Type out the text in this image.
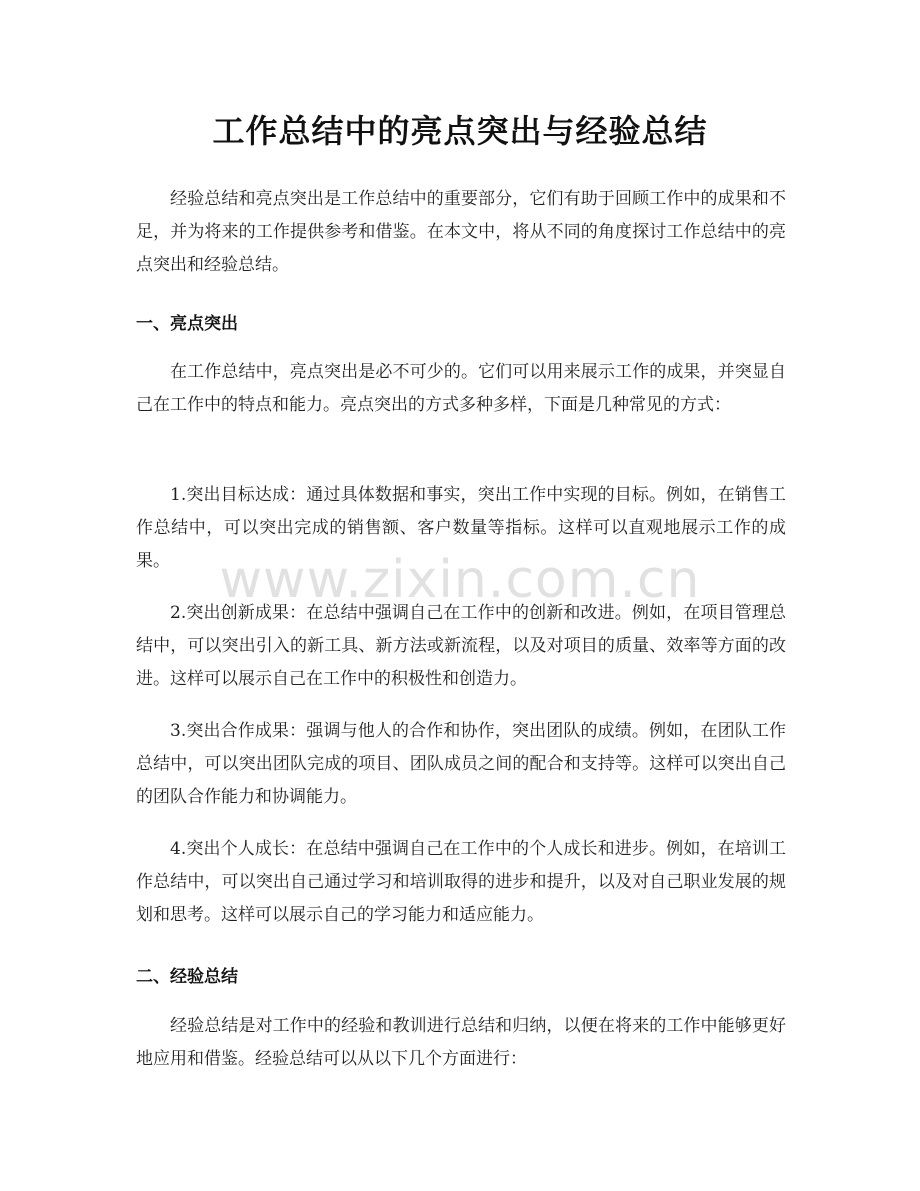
工作总结中的亮点突出与经验总结
经验总结和亮点突出是工作总结中的重要部分，它们有助于回顾工作中的成果和不足，并为将来的工作提供参考和借鉴。在本文中，将从不同的角度探讨工作总结中的亮点突出和经验总结。
一、亮点突出
在工作总结中，亮点突出是必不可少的。它们可以用来展示工作的成果，并突显自己在工作中的特点和能力。亮点突出的方式多种多样，下面是几种常见的方式：
1.突出目标达成：通过具体数据和事实，突出工作中实现的目标。例如，在销售工作总结中，可以突出完成的销售额、客户数量等指标。这样可以直观地展示工作的成果。
2.突出创新成果：在总结中强调自己在工作中的创新和改进。例如，在项目管理总结中，可以突出引入的新工具、新方法或新流程，以及对项目的质量、效率等方面的改进。这样可以展示自己在工作中的积极性和创造力。
3.突出合作成果：强调与他人的合作和协作，突出团队的成绩。例如，在团队工作总结中，可以突出团队完成的项目、团队成员之间的配合和支持等。这样可以突出自己的团队合作能力和协调能力。
4.突出个人成长：在总结中强调自己在工作中的个人成长和进步。例如，在培训工作总结中，可以突出自己通过学习和培训取得的进步和提升，以及对自己职业发展的规划和思考。这样可以展示自己的学习能力和适应能力。
二、经验总结
经验总结是对工作中的经验和教训进行总结和归纳，以便在将来的工作中能够更好地应用和借鉴。经验总结可以从以下几个方面进行：
www.zixin.com.cn
